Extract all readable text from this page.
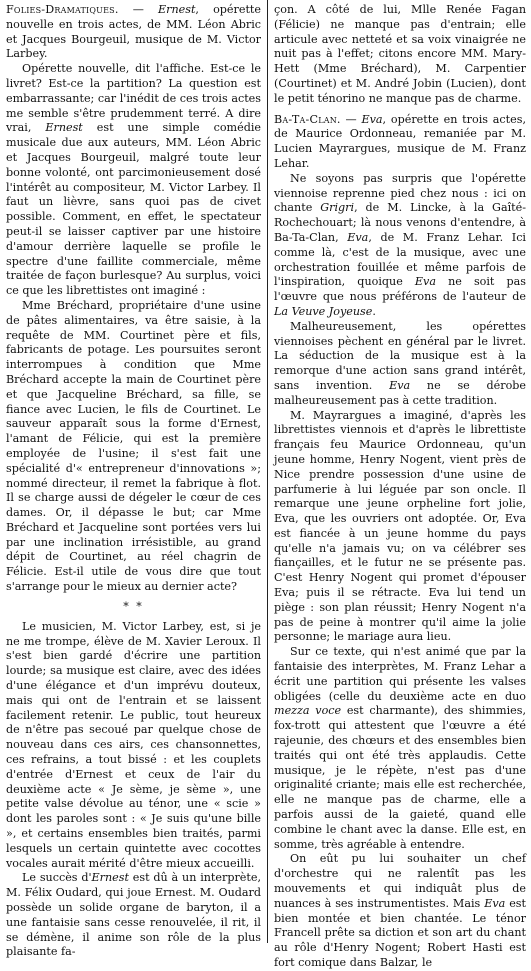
Folies-Dramatiques. — Ernest, opérette nouvelle en trois actes, de MM. Léon Abric et Jacques Bourgeuil, musique de M. Victor Larbey.

Opérette nouvelle, dit l'affiche. Est-ce le livret? Est-ce la partition? La question est embarrassante; car l'inédit de ces trois actes me semble s'être prudemment terré. A dire vrai, Ernest est une simple comédie musicale due aux auteurs, MM. Léon Abric et Jacques Bourgeuil, malgré toute leur bonne volonté, ont parcimonieusement dosé l'intérêt au compositeur, M. Victor Larbey. Il faut un lièvre, sans quoi pas de civet possible. Comment, en effet, le spectateur peut-il se laisser captiver par une histoire d'amour derrière laquelle se profile le spectre d'une faillite commerciale, même traitée de façon burlesque? Au surplus, voici ce que les librettistes ont imaginé :

Mme Bréchard, propriétaire d'une usine de pâtes alimentaires, va être saisie, à la requête de MM. Courtinet père et fils, fabricants de potage. Les poursuites seront interrompues à condition que Mme Bréchard accepte la main de Courtinet père et que Jacqueline Bréchard, sa fille, se fiance avec Lucien, le fils de Courtinet. Le sauveur apparaît sous la forme d'Ernest, l'amant de Félicie, qui est la première employée de l'usine; il s'est fait une spécialité d'« entrepreneur d'innovations »; nommé directeur, il remet la fabrique à flot. Il se charge aussi de dégeler le cœur de ces dames. Or, il dépasse le but; car Mme Bréchard et Jacqueline sont portées vers lui par une inclination irrésistible, au grand dépit de Courtinet, au réel chagrin de Félicie. Est-il utile de vous dire que tout s'arrange pour le mieux au dernier acte?

* *

Le musicien, M. Victor Larbey, est, si je ne me trompe, élève de M. Xavier Leroux. Il s'est bien gardé d'écrire une partition lourde; sa musique est claire, avec des idées d'une élégance et d'un imprévu douteux, mais qui ont de l'entrain et se laissent facilement retenir. Le public, tout heureux de n'être pas secoué par quelque chose de nouveau dans ces airs, ces chansonnettes, ces refrains, a tout bissé : et les couplets d'entrée d'Ernest et ceux de l'air du deuxième acte « Je sème, je sème », une petite valse dévolue au ténor, une « scie » dont les paroles sont : « Je suis qu'une bille », et certains ensembles bien traités, parmi lesquels un certain quintette avec cocottes vocales aurait mérité d'être mieux accueilli.

Le succès d'Ernest est dû à un interprète, M. Félix Oudard, qui joue Ernest. M. Oudard possède un solide organe de baryton, il a une fantaisie sans cesse renouvelée, il rit, il se démène, il anime son rôle de la plus plaisante fa-

çon. A côté de lui, Mlle Renée Fagan (Félicie) ne manque pas d'entrain; elle articule avec netteté et sa voix vinaigrée ne nuit pas à l'effet; citons encore MM. Mary-Hett (Mme Bréchard), M. Carpentier (Courtinet) et M. André Jobin (Lucien), dont le petit ténorino ne manque pas de charme.

Ba-Ta-Clan. — Eva, opérette en trois actes, de Maurice Ordonneau, remaniée par M. Lucien Mayrargues, musique de M. Franz Lehar.

Ne soyons pas surpris que l'opérette viennoise reprenne pied chez nous : ici on chante Grigri, de M. Lincke, à la Gaîté-Rochechouart; là nous venons d'entendre, à Ba-Ta-Clan, Eva, de M. Franz Lehar. Ici comme là, c'est de la musique, avec une orchestration fouillée et même parfois de l'inspiration, quoique Eva ne soit pas l'œuvre que nous préférons de l'auteur de La Veuve Joyeuse.

Malheureusement, les opérettes viennoises pèchent en général par le livret. La séduction de la musique est à la remorque d'une action sans grand intérêt, sans invention. Eva ne se dérobe malheureusement pas à cette tradition.

M. Mayrargues a imaginé, d'après les librettistes viennois et d'après le librettiste français feu Maurice Ordonneau, qu'un jeune homme, Henry Nogent, vient près de Nice prendre possession d'une usine de parfumerie à lui léguée par son oncle. Il remarque une jeune orpheline fort jolie, Eva, que les ouvriers ont adoptée. Or, Eva est fiancée à un jeune homme du pays qu'elle n'a jamais vu; on va célébrer ses fiançailles, et le futur ne se présente pas. C'est Henry Nogent qui promet d'épouser Eva; puis il se rétracte. Eva lui tend un piège : son plan réussit; Henry Nogent n'a pas de peine à montrer qu'il aime la jolie personne; le mariage aura lieu.

Sur ce texte, qui n'est animé que par la fantaisie des interprètes, M. Franz Lehar a écrit une partition qui présente les valses obligées (celle du deuxième acte en duo mezza voce est charmante), des shimmies, fox-trott qui attestent que l'œuvre a été rajeunie, des chœurs et des ensembles bien traités qui ont été très applaudis. Cette musique, je le répète, n'est pas d'une originalité criante; mais elle est recherchée, elle ne manque pas de charme, elle a parfois aussi de la gaieté, quand elle combine le chant avec la danse. Elle est, en somme, très agréable à entendre.

On eût pu lui souhaiter un chef d'orchestre qui ne ralentît pas les mouvements et qui indiquât plus de nuances à ses instrumentistes. Mais Eva est bien montée et bien chantée. Le ténor Francell prête sa diction et son art du chant au rôle d'Henry Nogent; Robert Hasti est fort comique dans Balzar, le
